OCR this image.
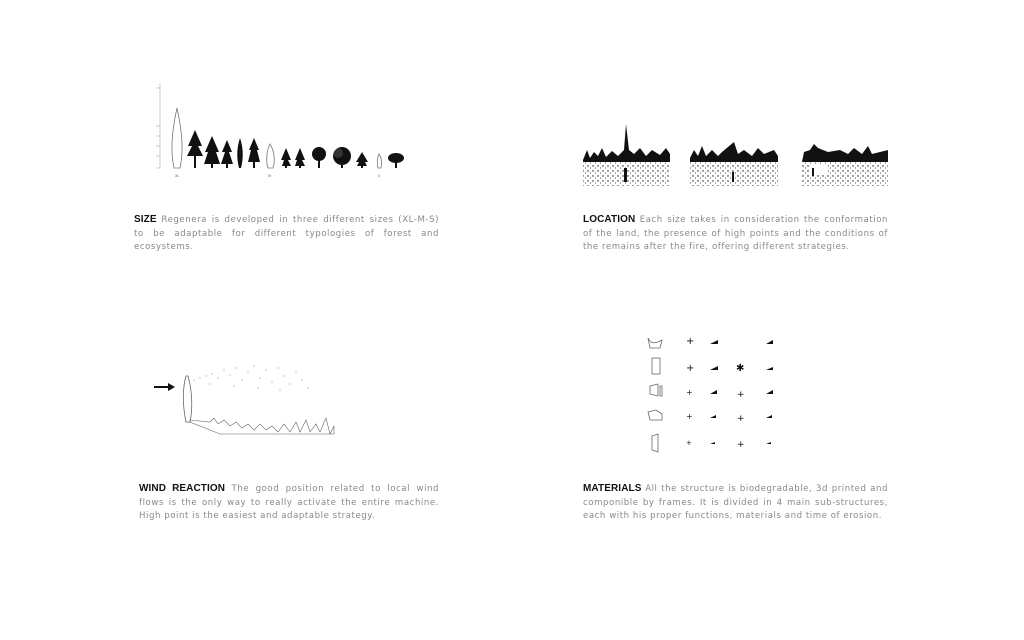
XL	M	S
SIZE Regenera is developed in three different sizes (XL-M-S) to be adaptable for different typologies of forest and ecosystems.
LOCATION Each size takes in consideration the conformation of the land, the presence of high points and the conditions of the remains after the fire, offering different strategies.
WIND REACTION The good position related to local wind flows is the only way to really activate the entire machine. High point is the easiest and adaptable strategy.
+
+
+
+
+
✱
+
+
+
MATERIALS All the structure is biodegradable, 3d printed and componible by frames. It is divided in 4 main sub-structures, each with his proper functions, materials and time of erosion.
